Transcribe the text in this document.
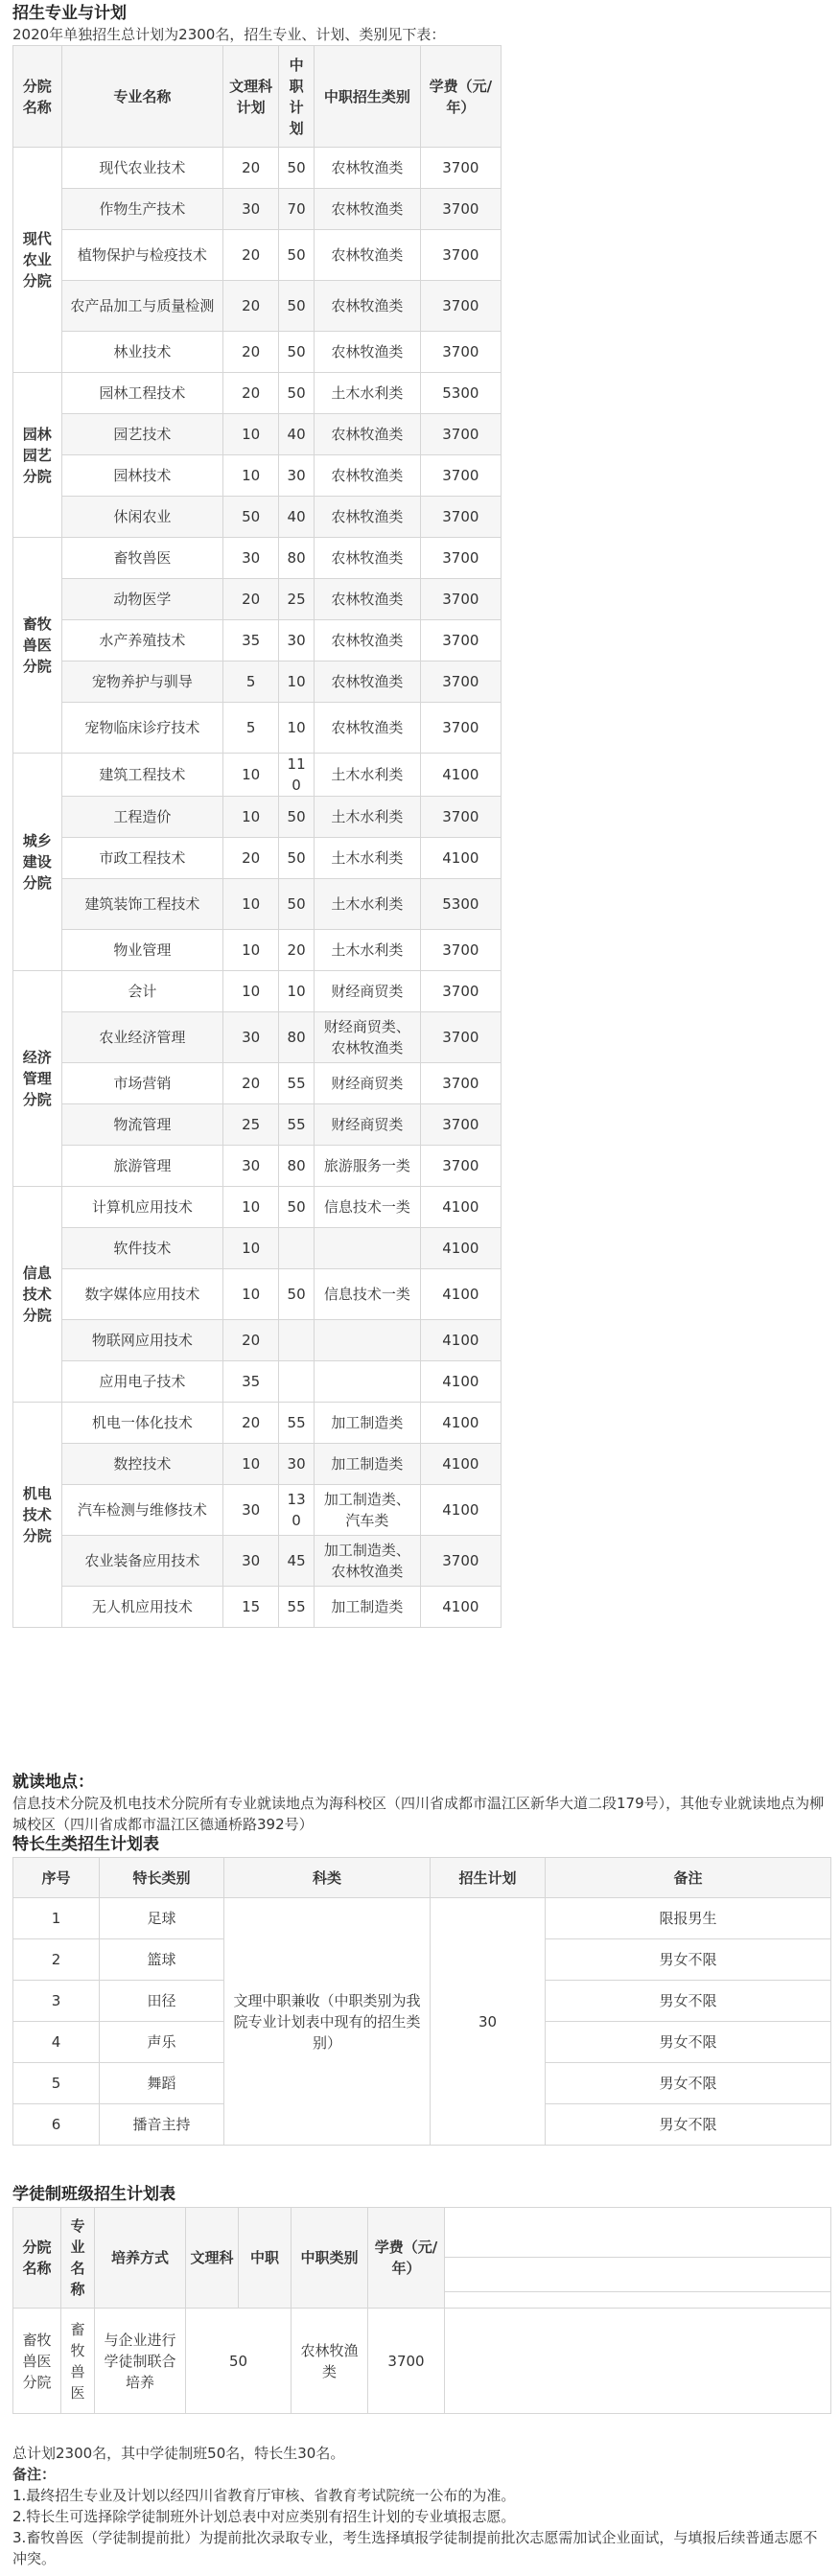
招生专业与计划
2020年单独招生总计划为2300名，招生专业、计划、类别见下表：
分院名称	专业名称	文理科计划	中职计划	中职招生类别	学费（元/年）
现代农业分院	现代农业技术	20	50	农林牧渔类	3700
	作物生产技术	30	70	农林牧渔类	3700
	植物保护与检疫技术	20	50	农林牧渔类	3700
	农产品加工与质量检测	20	50	农林牧渔类	3700
	林业技术	20	50	农林牧渔类	3700
园林园艺分院	园林工程技术	20	50	土木水利类	5300
	园艺技术	10	40	农林牧渔类	3700
	园林技术	10	30	农林牧渔类	3700
	休闲农业	50	40	农林牧渔类	3700
畜牧兽医分院	畜牧兽医	30	80	农林牧渔类	3700
	动物医学	20	25	农林牧渔类	3700
	水产养殖技术	35	30	农林牧渔类	3700
	宠物养护与驯导	5	10	农林牧渔类	3700
	宠物临床诊疗技术	5	10	农林牧渔类	3700
城乡建设分院	建筑工程技术	10	110	土木水利类	4100
	工程造价	10	50	土木水利类	3700
	市政工程技术	20	50	土木水利类	4100
	建筑装饰工程技术	10	50	土木水利类	5300
	物业管理	10	20	土木水利类	3700
经济管理分院	会计	10	10	财经商贸类	3700
	农业经济管理	30	80	财经商贸类、农林牧渔类	3700
	市场营销	20	55	财经商贸类	3700
	物流管理	25	55	财经商贸类	3700
	旅游管理	30	80	旅游服务一类	3700
信息技术分院	计算机应用技术	10	50	信息技术一类	4100
	软件技术	10			4100
	数字媒体应用技术	10	50	信息技术一类	4100
	物联网应用技术	20			4100
	应用电子技术	35			4100
机电技术分院	机电一体化技术	20	55	加工制造类	4100
	数控技术	10	30	加工制造类	4100
	汽车检测与维修技术	30	130	加工制造类、汽车类	4100
	农业装备应用技术	30	45	加工制造类、农林牧渔类	3700
	无人机应用技术	15	55	加工制造类	4100
就读地点：
信息技术分院及机电技术分院所有专业就读地点为海科校区（四川省成都市温江区新华大道二段179号），其他专业就读地点为柳城校区（四川省成都市温江区德通桥路392号）
特长生类招生计划表
序号	特长类别	科类	招生计划	备注
1	足球	文理中职兼收（中职类别为我院专业计划表中现有的招生类别）	30	限报男生
2	篮球			男女不限
3	田径			男女不限
4	声乐			男女不限
5	舞蹈			男女不限
6	播音主持			男女不限
学徒制班级招生计划表
分院名称	专业名称	培养方式	文理科	中职	中职类别	学费（元/年）	

畜牧兽医分院	畜牧兽医	与企业进行学徒制联合培养	50		农林牧渔类	3700	
总计划2300名，其中学徒制班50名，特长生30名。
备注：
1.最终招生专业及计划以经四川省教育厅审核、省教育考试院统一公布的为准。
2.特长生可选择除学徒制班外计划总表中对应类别有招生计划的专业填报志愿。
3.畜牧兽医（学徒制提前批）为提前批次录取专业，考生选择填报学徒制提前批次志愿需加试企业面试，与填报后续普通志愿不冲突。
